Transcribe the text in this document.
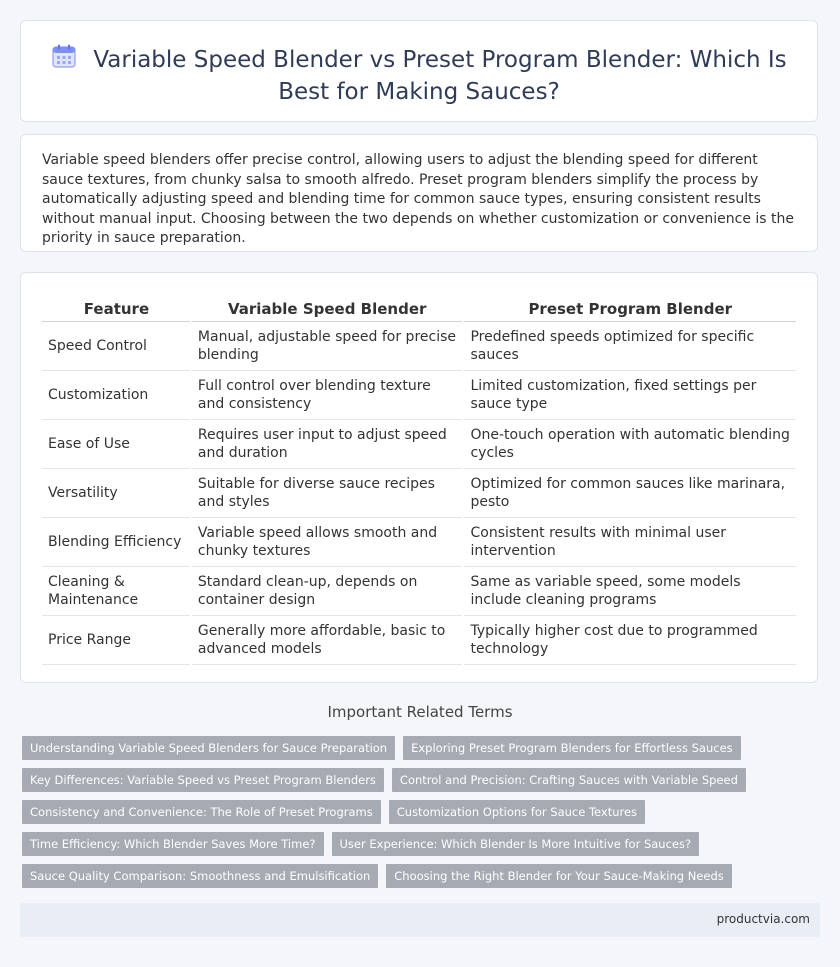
Variable Speed Blender vs Preset Program Blender: Which Is Best for Making Sauces?

Variable speed blenders offer precise control, allowing users to adjust the blending speed for different sauce textures, from chunky salsa to smooth alfredo. Preset program blenders simplify the process by automatically adjusting speed and blending time for common sauce types, ensuring consistent results without manual input. Choosing between the two depends on whether customization or convenience is the priority in sauce preparation.

Feature	Variable Speed Blender	Preset Program Blender
Speed Control	Manual, adjustable speed for precise blending	Predefined speeds optimized for specific sauces
Customization	Full control over blending texture and consistency	Limited customization, fixed settings per sauce type
Ease of Use	Requires user input to adjust speed and duration	One-touch operation with automatic blending cycles
Versatility	Suitable for diverse sauce recipes and styles	Optimized for common sauces like marinara, pesto
Blending Efficiency	Variable speed allows smooth and chunky textures	Consistent results with minimal user intervention
Cleaning & Maintenance	Standard clean-up, depends on container design	Same as variable speed, some models include cleaning programs
Price Range	Generally more affordable, basic to advanced models	Typically higher cost due to programmed technology
Important Related Terms
Understanding Variable Speed Blenders for Sauce Preparation	Exploring Preset Program Blenders for Effortless Sauces
Key Differences: Variable Speed vs Preset Program Blenders	Control and Precision: Crafting Sauces with Variable Speed
Consistency and Convenience: The Role of Preset Programs	Customization Options for Sauce Textures
Time Efficiency: Which Blender Saves More Time?	User Experience: Which Blender Is More Intuitive for Sauces?
Sauce Quality Comparison: Smoothness and Emulsification	Choosing the Right Blender for Your Sauce-Making Needs
productvia.com
